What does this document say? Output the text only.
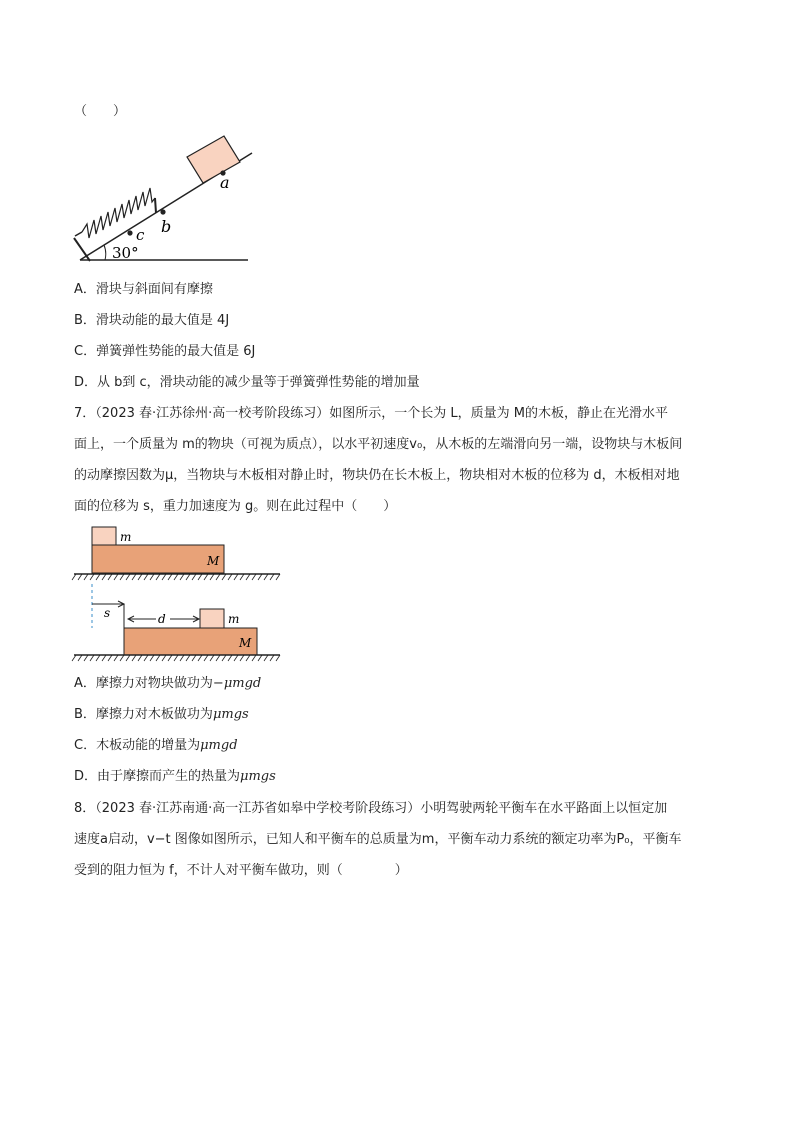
（　　）
a
b
c
30°
A．滑块与斜面间有摩擦
B．滑块动能的最大值是 4J
C．弹簧弹性势能的最大值是 6J
D．从 b到 c，滑块动能的减少量等于弹簧弹性势能的增加量
7．（2023 春·江苏徐州·高一校考阶段练习）如图所示，一个长为 L，质量为 M的木板，静止在光滑水平
面上，一个质量为 m的物块（可视为质点），以水平初速度v₀，从木板的左端滑向另一端，设物块与木板间
的动摩擦因数为μ，当物块与木板相对静止时，物块仍在长木板上，物块相对木板的位移为 d，木板相对地
面的位移为 s，重力加速度为 g。则在此过程中（　　）
m
M
s	d	m
M
A．摩擦力对物块做功为−μmgd
B．摩擦力对木板做功为μmgs
C．木板动能的增量为μmgd
D．由于摩擦而产生的热量为μmgs
8．（2023 春·江苏南通·高一江苏省如皋中学校考阶段练习）小明驾驶两轮平衡车在水平路面上以恒定加
速度a启动，v−t 图像如图所示，已知人和平衡车的总质量为m，平衡车动力系统的额定功率为P₀，平衡车
受到的阻力恒为 f，不计人对平衡车做功，则（　　　　）
